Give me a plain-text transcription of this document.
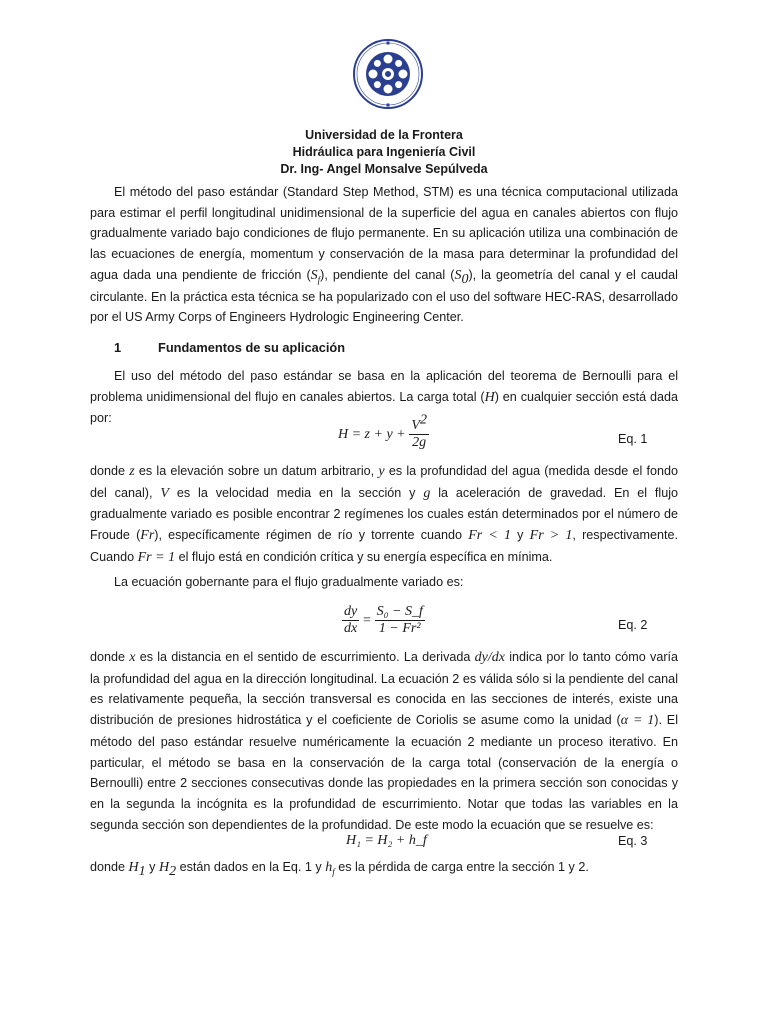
Universidad de la Frontera
Hidráulica para Ingeniería Civil
Dr. Ing- Angel Monsalve Sepúlveda
El método del paso estándar (Standard Step Method, STM) es una técnica computacional utilizada para estimar el perfil longitudinal unidimensional de la superficie del agua en canales abiertos con flujo gradualmente variado bajo condiciones de flujo permanente. En su aplicación utiliza una combinación de las ecuaciones de energía, momentum y conservación de la masa para determinar la profundidad del agua dada una pendiente de fricción $(S_f)$, pendiente del canal $(S_0)$, la geometría del canal y el caudal circulante. En la práctica esta técnica se ha popularizado con el uso del software HEC-RAS, desarrollado por el US Army Corps of Engineers Hydrologic Engineering Center.
1	Fundamentos de su aplicación
El uso del método del paso estándar se basa en la aplicación del teorema de Bernoulli para el problema unidimensional del flujo en canales abiertos. La carga total (H) en cualquier sección está dada por:
$H = z + y + \frac{V^2}{2g}$	Eq. 1
donde z es la elevación sobre un datum arbitrario, y es la profundidad del agua (medida desde el fondo del canal), V es la velocidad media en la sección y g la aceleración de gravedad. En el flujo gradualmente variado es posible encontrar 2 regímenes los cuales están determinados por el número de Froude (Fr), específicamente régimen de río y torrente cuando Fr < 1 y Fr > 1, respectivamente. Cuando Fr = 1 el flujo está en condición crítica y su energía específica en mínima.
La ecuación gobernante para el flujo gradualmente variado es:
$\frac{dy}{dx} = \frac{\text{S₀ − S\_f}}{\text{1 − Fr²}}$	Eq. 2
donde x es la distancia en el sentido de escurrimiento. La derivada dy/dx indica por lo tanto cómo varía la profundidad del agua en la dirección longitudinal. La ecuación 2 es válida sólo si la pendiente del canal es relativamente pequeña, la sección transversal es conocida en las secciones de interés, existe una distribución de presiones hidrostática y el coeficiente de Coriolis se asume como la unidad (α = 1). El método del paso estándar resuelve numéricamente la ecuación 2 mediante un proceso iterativo. En particular, el método se basa en la conservación de la carga total (conservación de la energía o Bernoulli) entre 2 secciones consecutivas donde las propiedades en la primera sección son conocidas y en la segunda la incógnita es la profundidad de escurrimiento. Notar que todas las variables en la segunda sección son dependientes de la profundidad. De este modo la ecuación que se resuelve es:
H₁ = H₂ + h_f	Eq. 3
donde $H_1$ y $H_2$ están dados en la Eq. 1 y $h_f$ es la pérdida de carga entre la sección 1 y 2.
